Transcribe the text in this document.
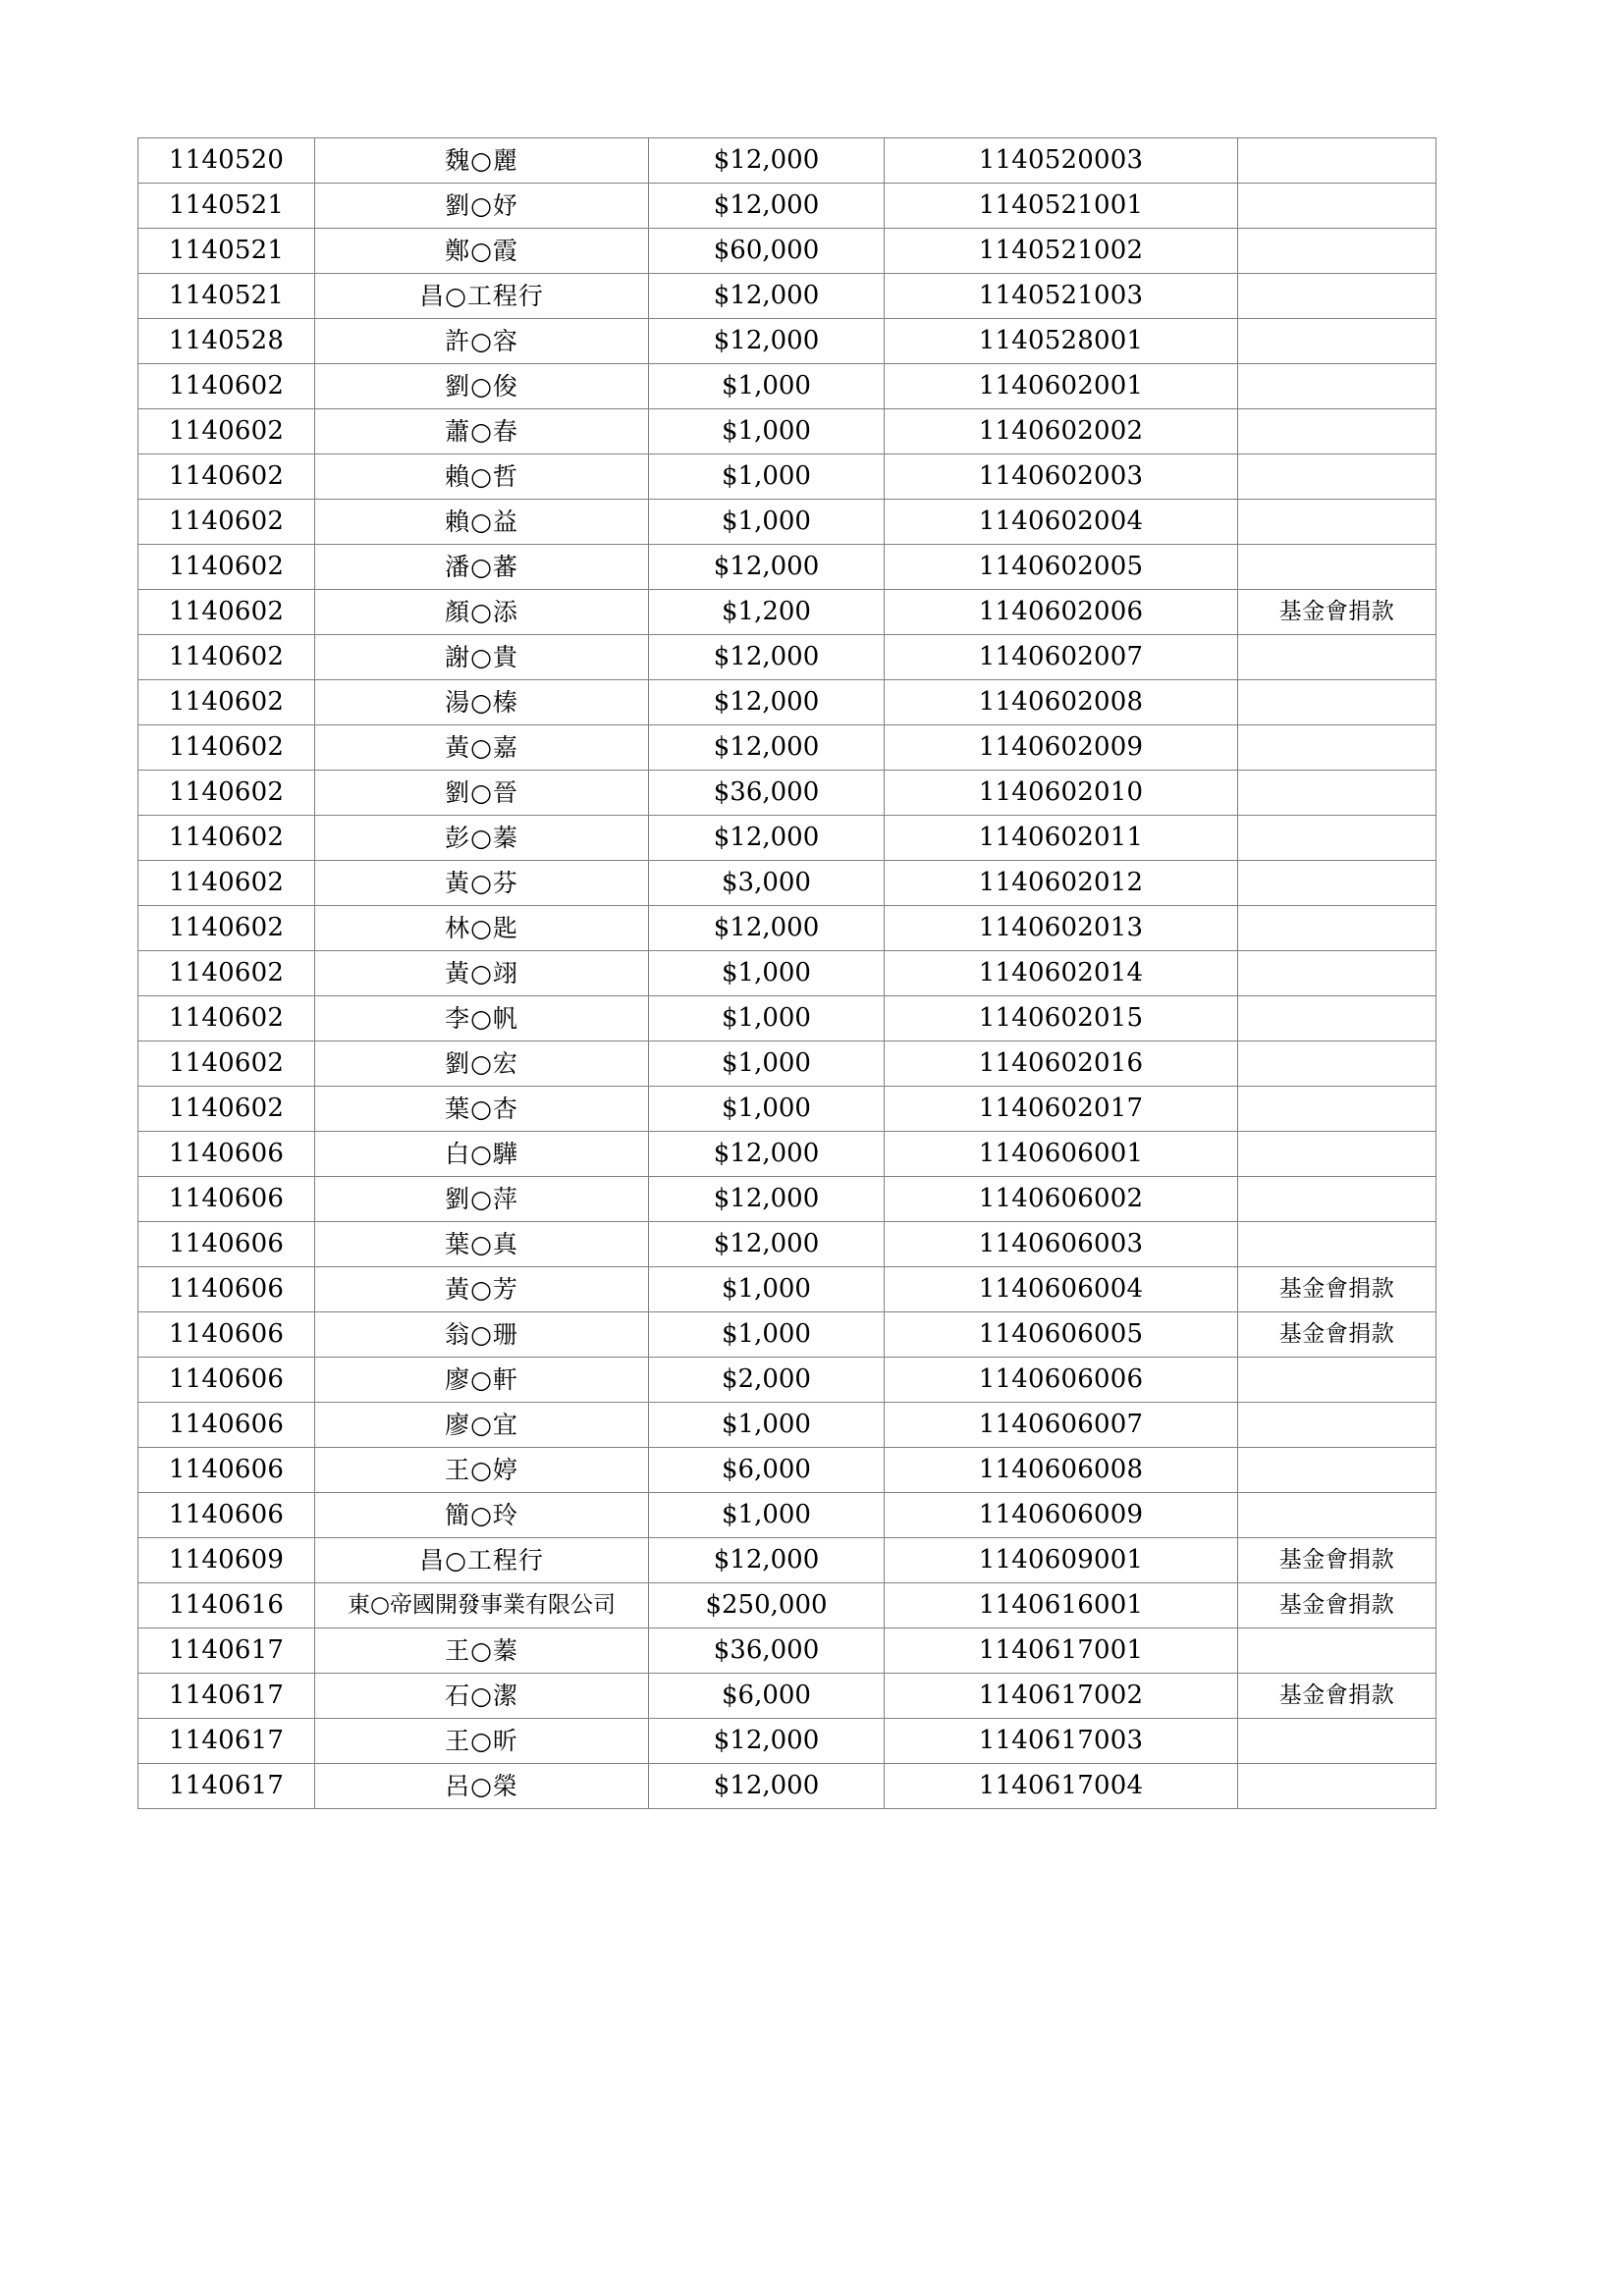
1140520	魏○麗	$12,000	1140520003	
1140521	劉○妤	$12,000	1140521001	
1140521	鄭○霞	$60,000	1140521002	
1140521	昌○工程行	$12,000	1140521003	
1140528	許○容	$12,000	1140528001	
1140602	劉○俊	$1,000	1140602001	
1140602	蕭○春	$1,000	1140602002	
1140602	賴○哲	$1,000	1140602003	
1140602	賴○益	$1,000	1140602004	
1140602	潘○蕃	$12,000	1140602005	
1140602	顏○添	$1,200	1140602006	基金會捐款
1140602	謝○貴	$12,000	1140602007	
1140602	湯○榛	$12,000	1140602008	
1140602	黃○嘉	$12,000	1140602009	
1140602	劉○晉	$36,000	1140602010	
1140602	彭○蓁	$12,000	1140602011	
1140602	黃○芬	$3,000	1140602012	
1140602	林○匙	$12,000	1140602013	
1140602	黃○翊	$1,000	1140602014	
1140602	李○帆	$1,000	1140602015	
1140602	劉○宏	$1,000	1140602016	
1140602	葉○杏	$1,000	1140602017	
1140606	白○驊	$12,000	1140606001	
1140606	劉○萍	$12,000	1140606002	
1140606	葉○真	$12,000	1140606003	
1140606	黃○芳	$1,000	1140606004	基金會捐款
1140606	翁○珊	$1,000	1140606005	基金會捐款
1140606	廖○軒	$2,000	1140606006	
1140606	廖○宜	$1,000	1140606007	
1140606	王○婷	$6,000	1140606008	
1140606	簡○玲	$1,000	1140606009	
1140609	昌○工程行	$12,000	1140609001	基金會捐款
1140616	東○帝國開發事業有限公司	$250,000	1140616001	基金會捐款
1140617	王○蓁	$36,000	1140617001	
1140617	石○潔	$6,000	1140617002	基金會捐款
1140617	王○昕	$12,000	1140617003	
1140617	呂○榮	$12,000	1140617004	
